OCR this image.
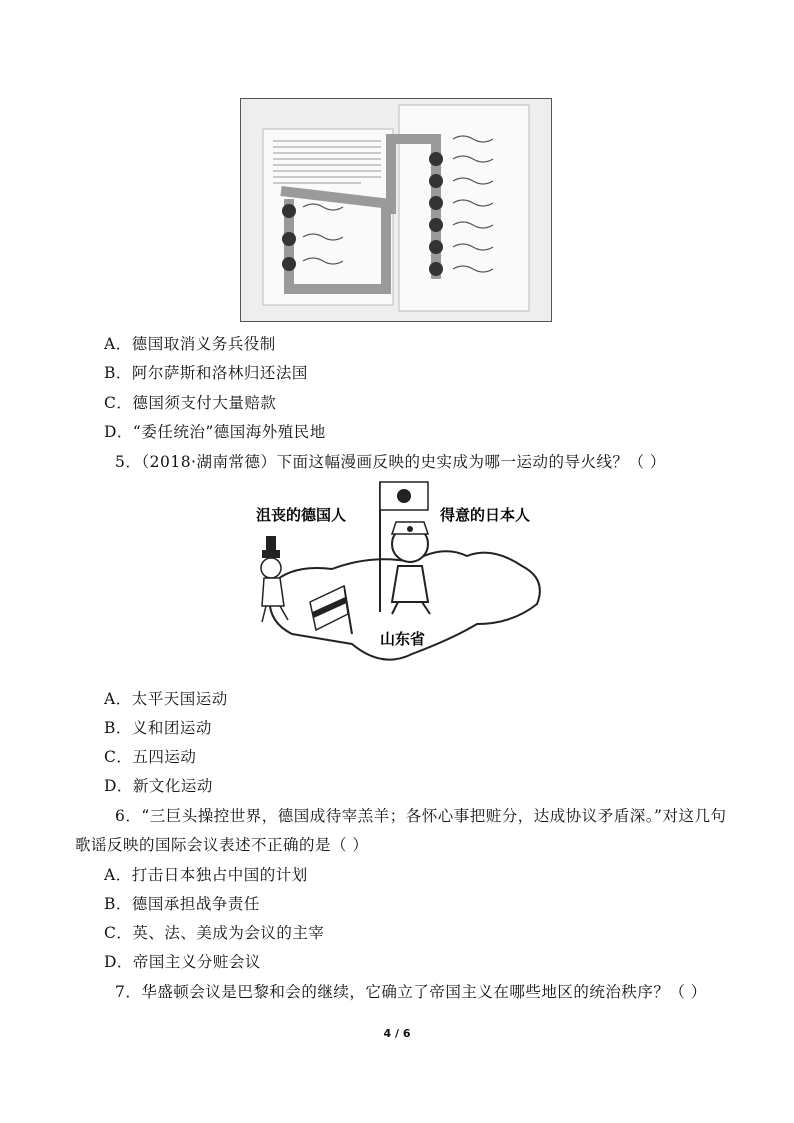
A．德国取消义务兵役制
B．阿尔萨斯和洛林归还法国
C．德国须支付大量赔款
D．“委任统治”德国海外殖民地
5．（2018·湖南常德）下面这幅漫画反映的史实成为哪一运动的导火线？（ ）
沮丧的德国人	得意的日本人
山东省
A．太平天国运动
B．义和团运动
C．五四运动
D．新文化运动
6．“三巨头操控世界，德国成待宰羔羊；各怀心事把赃分，达成协议矛盾深。”对这几句
歌谣反映的国际会议表述不正确的是（ ）
A．打击日本独占中国的计划
B．德国承担战争责任
C．英、法、美成为会议的主宰
D．帝国主义分赃会议
7．华盛顿会议是巴黎和会的继续，它确立了帝国主义在哪些地区的统治秩序？（ ）
4 / 6
